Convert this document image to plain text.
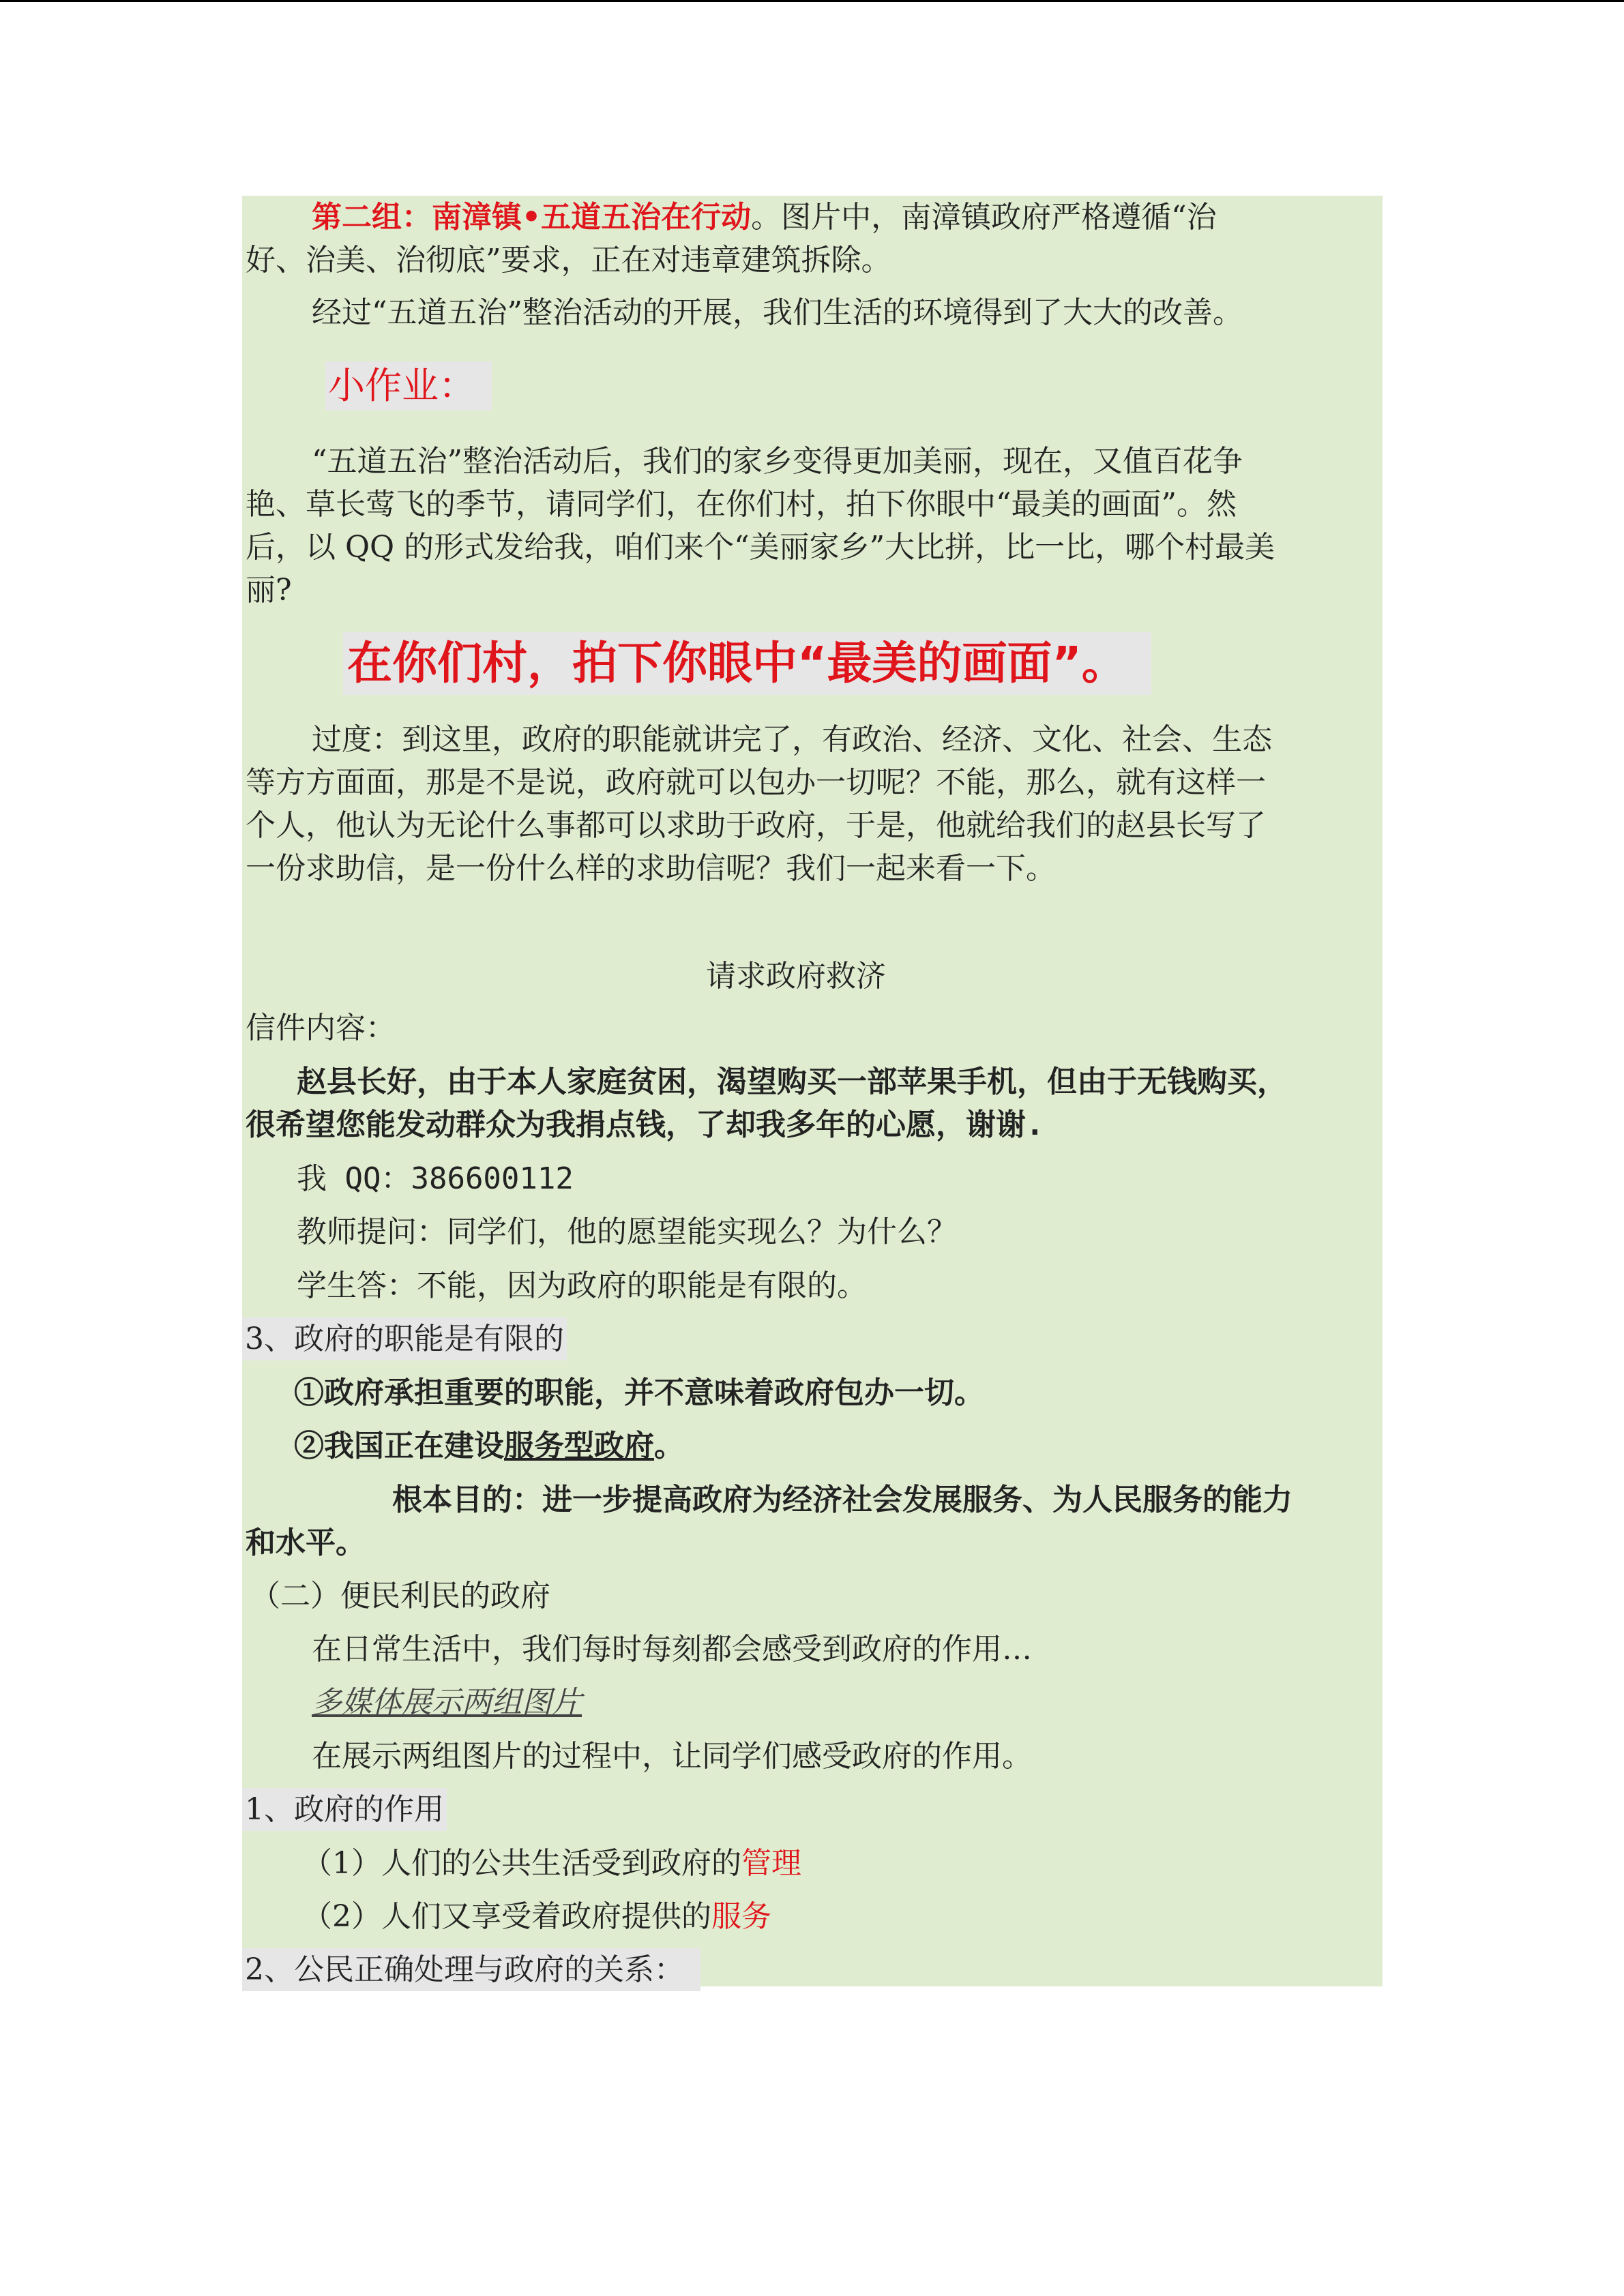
第二组：南漳镇•五道五治在行动。图片中，南漳镇政府严格遵循“治
好、治美、治彻底”要求，正在对违章建筑拆除。
经过“五道五治”整治活动的开展，我们生活的环境得到了大大的改善。
小作业：
“五道五治”整治活动后，我们的家乡变得更加美丽，现在，又值百花争
艳、草长莺飞的季节，请同学们，在你们村，拍下你眼中“最美的画面”。然
后，以 QQ 的形式发给我，咱们来个“美丽家乡”大比拼，比一比，哪个村最美
丽?
在你们村，拍下你眼中“最美的画面”。
过度：到这里，政府的职能就讲完了，有政治、经济、文化、社会、生态
等方方面面，那是不是说，政府就可以包办一切呢？不能，那么，就有这样一
个人，他认为无论什么事都可以求助于政府，于是，他就给我们的赵县长写了
一份求助信，是一份什么样的求助信呢？我们一起来看一下。
请求政府救济
信件内容：
赵县长好，由于本人家庭贫困，渴望购买一部苹果手机，但由于无钱购买，
很希望您能发动群众为我捐点钱，了却我多年的心愿，谢谢.
我 QQ：386600112
教师提问：同学们，他的愿望能实现么？为什么？
学生答：不能，因为政府的职能是有限的。
3、政府的职能是有限的
①政府承担重要的职能，并不意味着政府包办一切。
②我国正在建设服务型政府。
根本目的：进一步提高政府为经济社会发展服务、为人民服务的能力
和水平。
（二）便民利民的政府
在日常生活中，我们每时每刻都会感受到政府的作用…
多媒体展示两组图片
在展示两组图片的过程中，让同学们感受政府的作用。
1、政府的作用
（1）人们的公共生活受到政府的管理
（2）人们又享受着政府提供的服务
2、公民正确处理与政府的关系：
